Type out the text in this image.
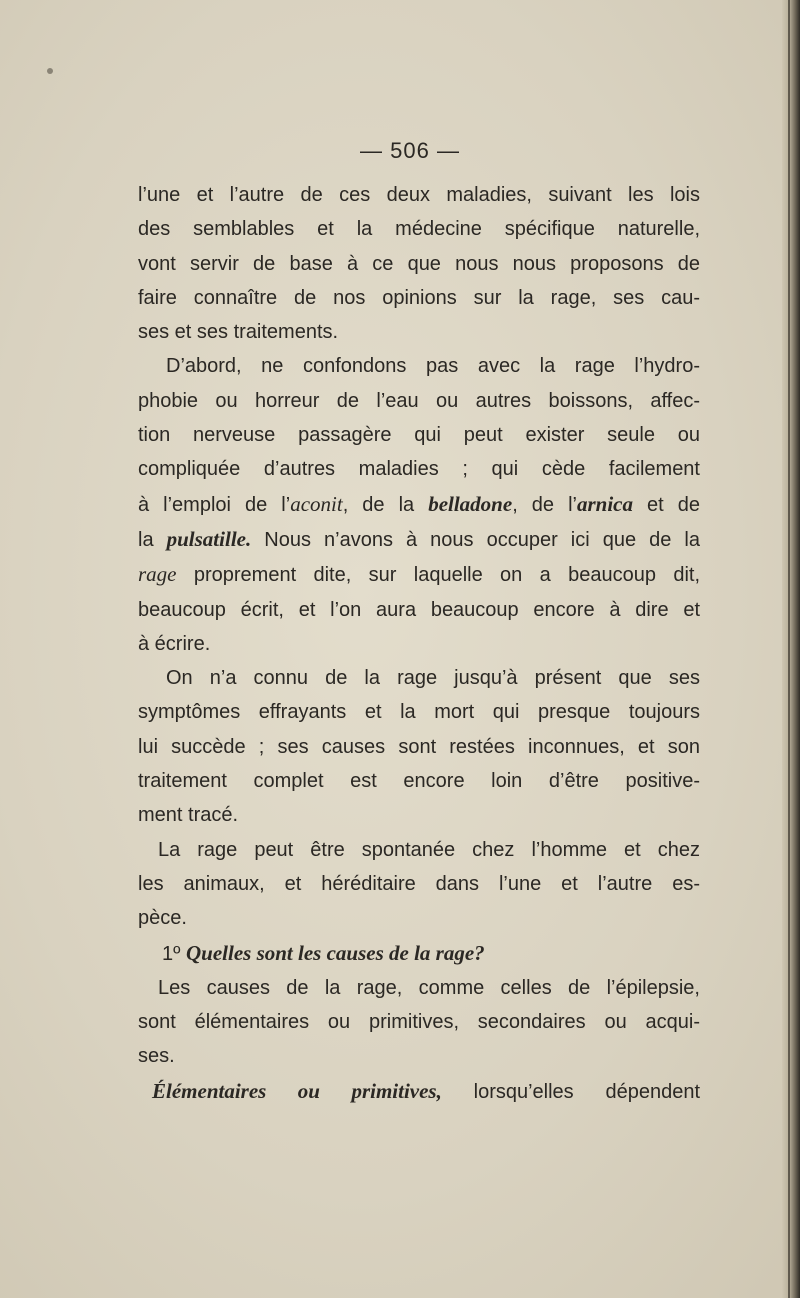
— 506 —

l’une et l’autre de ces deux maladies, suivant les lois
des semblables et la médecine spécifique naturelle,
vont servir de base à ce que nous nous proposons de
faire connaître de nos opinions sur la rage, ses cau-
ses et ses traitements.

D’abord, ne confondons pas avec la rage l’hydro-
phobie ou horreur de l’eau ou autres boissons, affec-
tion nerveuse passagère qui peut exister seule ou
compliquée d’autres maladies ; qui cède facilement
à l’emploi de l’aconit, de la belladone, de l’arnica et de
la pulsatille. Nous n’avons à nous occuper ici que de la
rage proprement dite, sur laquelle on a beaucoup dit,
beaucoup écrit, et l’on aura beaucoup encore à dire et
à écrire.

On n’a connu de la rage jusqu’à présent que ses
symptômes effrayants et la mort qui presque toujours
lui succède ; ses causes sont restées inconnues, et son
traitement complet est encore loin d’être positive-
ment tracé.

La rage peut être spontanée chez l’homme et chez
les animaux, et héréditaire dans l’une et l’autre es-
pèce.

1º Quelles sont les causes de la rage?

Les causes de la rage, comme celles de l’épilepsie,
sont élémentaires ou primitives, secondaires ou acqui-
ses.

Élémentaires ou primitives, lorsqu’elles dépendent
